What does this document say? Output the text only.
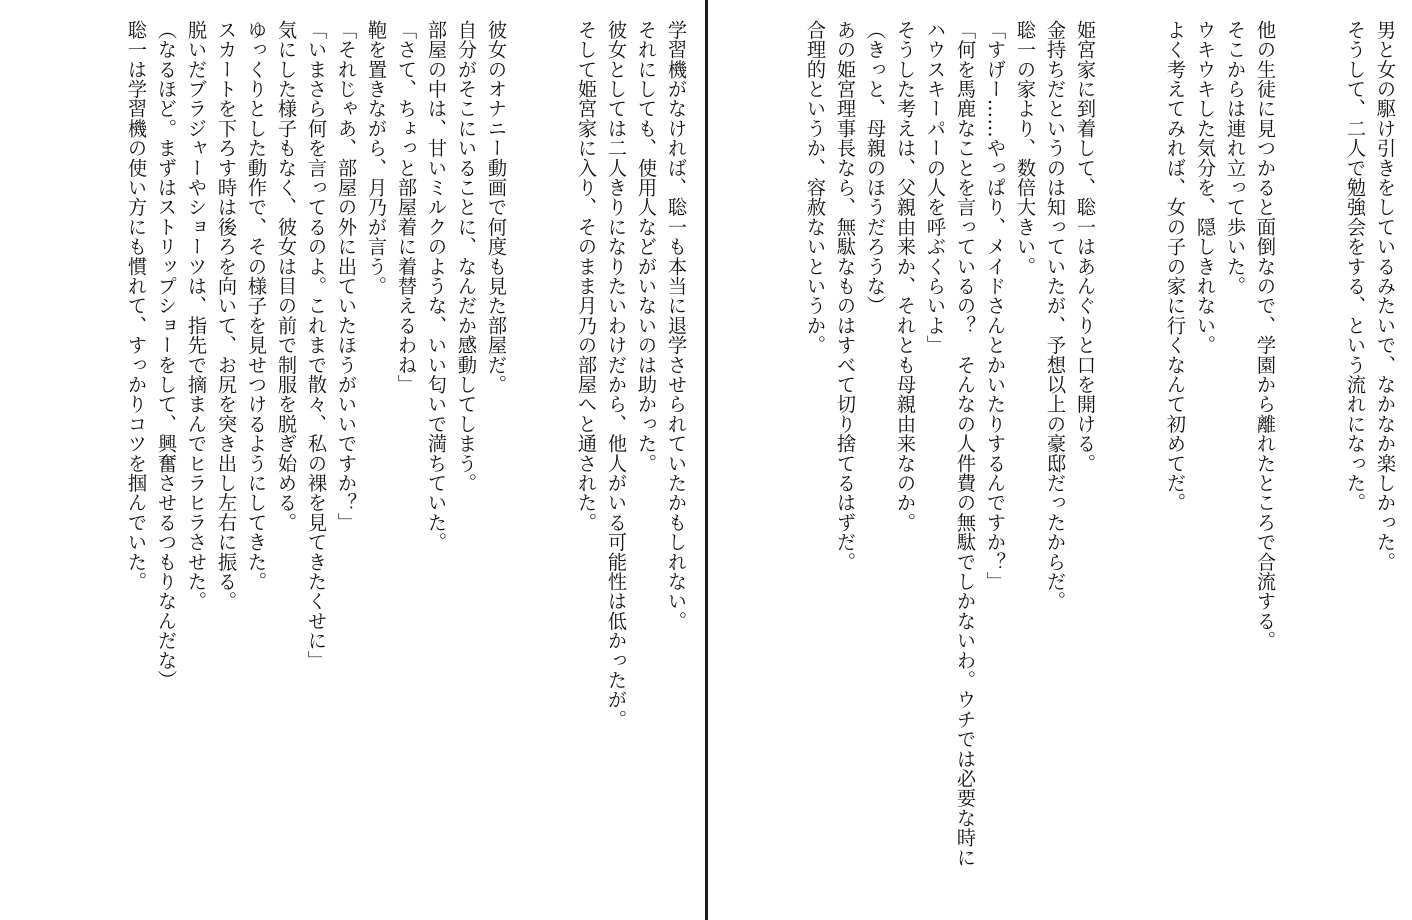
学習機がなければ、聡一も本当に退学させられていたかもしれない。
それにしても、使用人などがいないのは助かった。
彼女としては二人きりになりたいわけだから、他人がいる可能性は低かったが。
そして姫宮家に入り、そのまま月乃の部屋へと通された。
彼女のオナニー動画で何度も見た部屋だ。
自分がそこにいることに、なんだか感動してしまう。
部屋の中は、甘いミルクのような、いい匂いで満ちていた。
「さて、ちょっと部屋着に着替えるわね」
鞄を置きながら、月乃が言う。
「それじゃあ、部屋の外に出ていたほうがいいですか？」
「いまさら何を言ってるのよ。これまで散々、私の裸を見てきたくせに」
気にした様子もなく、彼女は目の前で制服を脱ぎ始める。
ゆっくりとした動作で、その様子を見せつけるようにしてきた。
スカートを下ろす時は後ろを向いて、お尻を突き出し左右に振る。
脱いだブラジャーやショーツは、指先で摘まんでヒラヒラさせた。
（なるほど。まずはストリップショーをして、興奮させるつもりなんだな）
聡一は学習機の使い方にも慣れて、すっかりコツを掴んでいた。	男と女の駆け引きをしているみたいで、なかなか楽しかった。
そうして、二人で勉強会をする、という流れになった。
他の生徒に見つかると面倒なので、学園から離れたところで合流する。
そこからは連れ立って歩いた。
ウキウキした気分を、隠しきれない。
よく考えてみれば、女の子の家に行くなんて初めてだ。
姫宮家に到着して、聡一はあんぐりと口を開ける。
金持ちだというのは知っていたが、予想以上の豪邸だったからだ。
聡一の家より、数倍大きい。
「すげー……やっぱり、メイドさんとかいたりするんですか？」
「何を馬鹿なことを言っているの？　そんなの人件費の無駄でしかないわ。ウチでは必要な時に
ハウスキーパーの人を呼ぶくらいよ」
そうした考えは、父親由来か、それとも母親由来なのか。
（きっと、母親のほうだろうな）
あの姫宮理事長なら、無駄なものはすべて切り捨てるはずだ。
合理的というか、容赦ないというか。
